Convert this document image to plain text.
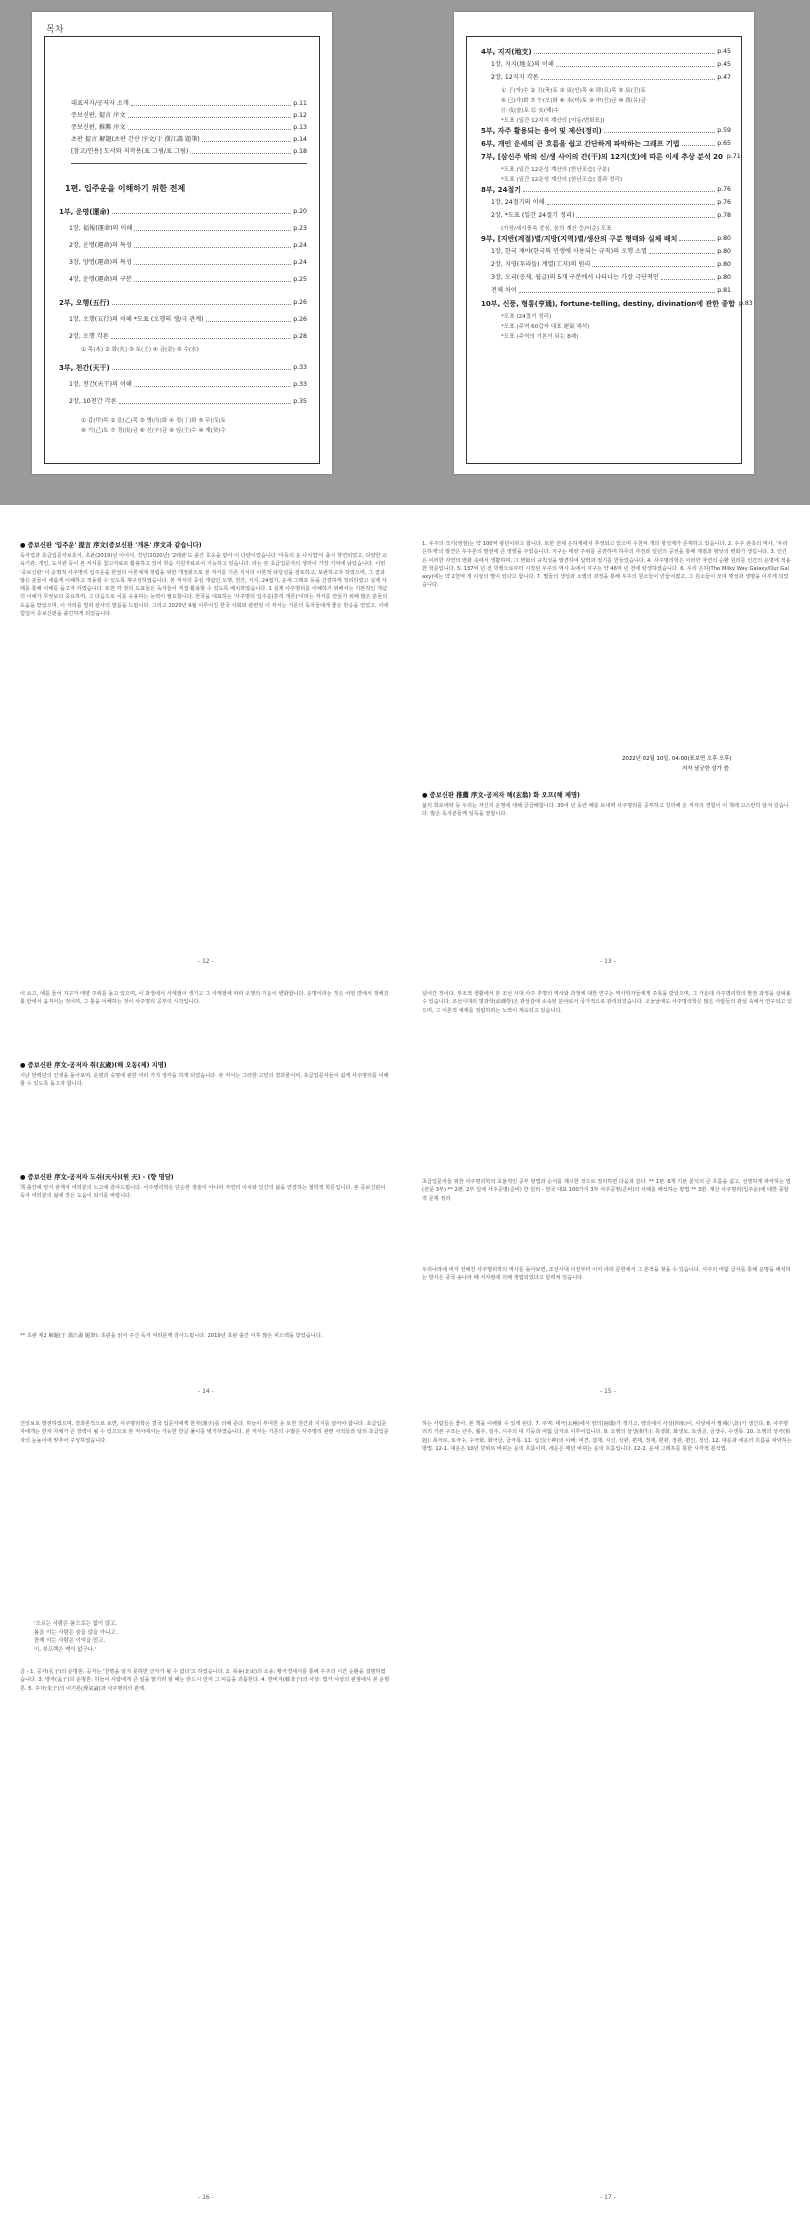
목차
대표저자/공저자 소개	p.11
증보신판, 提言 序文	p.12
증보신판, 推薦 序文	p.13
초판 提言 解題(초판 간산 序文/于 漢江畵 題筆)	p.14
[참고/인용] 도서와 저작용(표 그림/표 그림)	p.18
1편. 입주운을 이해하기 위한 전제
1부, 운명(運命)	p.20
1장, 福報(運命)의 이해	p.23
2장, 운명(運命)의 특성	p.24
3장, 양명(運命)의 특성	p.24
4장, 운명(運命)의 구분	p.25
2부, 오행(五行)	p.26
1장, 오행(五行)의 이해 *도표 (오행의 생/극 관계)	p.26
2장, 오행 각론	p.28
① 목(木) ② 화(火) ③ 토(土) ④ 금(金) ⑤ 수(水)
3부, 천간(天干)	p.33
1장, 천간(天干)의 이해	p.33
2장, 10천간 각론	p.35
① 갑(甲)목 ② 을(乙)목 ③ 병(丙)화 ④ 정(丁)화 ⑤ 무(戊)토
⑥ 기(己)토 ⑦ 경(庚)금 ⑧ 신(辛)금 ⑨ 임(壬)수 ⑩ 계(癸)수
4부, 지지(地支)	p.45
1장, 지지(地支)의 이해	p.45
2장, 12지지 각론	p.47
① 子(자)수 ② 丑(축)토 ③ 寅(인)목 ④ 卯(묘)목 ⑤ 辰(진)토
⑥ 巳(사)화 ⑦ 午(오)화 ⑧ 未(미)토 ⑨ 申(신)금 ⑩ 酉(유)금
⑪ 戌(술)토 ⑫ 亥(해)수
*도표 (일간 12지지 계산의 [이동/변화표])
5부, 자주 활용되는 용어 및 제산(정리)	p.59
6부, 개인 운세의 큰 흐름을 쉽고 간단하게 파악하는 그래프 기법	p.65
7부, [삼신주 밖의 신/생 사이의 간(干)의 12지(支)에 따른 이세 추상 분석 20 p.71
*도표 (일간 12운성 계산의 [한난조습] 구분)
*도표 (일간 12운성 계산의 [한난조습] 결과 정리)
8부, 24절기	p.76
1장, 24절기의 이해	p.76
2장, *도표 (일간 24절기 정리)	p.78
(가장/세시풍속 중심, 음의 계산 등/어순) 도표
9부, [지반(계절)별/지방(지역)별/생산의 구분 형태와 실체 배치	p.80
1장, 한국 재야(한국의 민생에 사용되는 규칙)의 오행 소멸	p.80
2장, 지영(우리들) 계열(工지)의 원리	p.80
3장, 오리(공제, 월급)의 5개 구분에서 나타나는 가장 극단적인	p.80
전체 차이	p.81
10부, 신풍, 형통(亨通), fortune-telling, destiny, divination에 관한 종합 p.83
*도표 (24절기 정리)
*도표 (주역 60갑자 대표 運氣 해석)
*도표 (주역의 기본이 되는 8괘)
● 증보신판 '입주운' 提言 序文(증보신판 '개론' 序文과 같습니다)
독자업과 초급입문자보호서, 초판(2019)년 이어서, 작년(2020년) '2레판'도 출간 호응을 받아 이 다량이었습니다 '아동의 운 나치법'이 출시 학연되었고, 다양한 교육기관, 개인, 도서관 등이 본 저서를 참고자료로 활용하고 있어 학습 지원자료로서 기능하고 있습니다. 라는 본 초급입문자의 생각이 가장 기억에 남았습니다. 이번 '증보신판' 이 운명적 사주명리 입주운을 한권의 이론체계 정립을 위한 개정판으로 본 저서를 기존 지식의 이론적 타당성을 검토하고, 보완하고자 하였으며, 그 결과 많은 분들이 새롭게 이해하고 적용할 수 있도록 재구성하였습니다. 본 저서의 중심 개념인 오행, 천간, 지지, 24절기, 운세 그래프 등을 간결하게 정리하였고 실제 사례를 통해 이해를 돕고자 하였습니다. 또한 각 장의 도표들은 독자들이 직접 활용할 수 있도록 배치하였습니다. 1 실제 사주명리를 이해하기 위해서는 기본적인 개념의 이해가 무엇보다 중요하며, 그 다음으로 이를 응용하는 능력이 필요합니다. 한국을 대표하는 '사주명리 입주운(흔히 개론)'이라는 저서를 만들기 위해 많은 분들의 도움을 받았으며, 이 자리를 빌려 감사의 말씀을 드립니다. 그리고 2020년 9월 이루어진 한국 사회와 관련된 이 저서는 기존의 독자들에게 좋은 반응을 얻었고, 이에 힘입어 증보신판을 출간하게 되었습니다.
- 12 -
1. 우주의 크기(영점)는 약 100억 광년이라고 합니다. 또한 전체 은하계에서 추정되고 있으며 수천억 개의 항성계가 존재하고 있습니다. 2. 우주 관측의 역사, '우리 은하계'의 발견은 우주론의 발전에 큰 영향을 주었습니다. 지구는 태양 주위를 공전하며 하루의 자전과 일년의 공전을 통해 계절과 밤낮의 변화가 생깁니다. 3. 인간은 이러한 자연의 변화 속에서 생활하며, 그 변화의 규칙성을 발견하여 달력과 절기를 만들었습니다. 4. 사주명리학은 이러한 자연의 순환 원리를 인간의 운명에 적용한 학문입니다. 5. 137억 년 전 빅뱅으로부터 시작된 우주의 역사 속에서 지구는 약 46억 년 전에 탄생하였습니다. 6. 우리 은하(The Milky Way Galaxy/Our Galaxy)에는 약 2천억 개 이상의 별이 있다고 합니다. 7. 별들의 생성과 소멸의 과정을 통해 우주의 원소들이 만들어졌고, 그 원소들이 모여 행성과 생명을 이루게 되었습니다.
2022년 02월 10일, 04:00(표보면 오후 오후)
저자 남궁한 삼가 씀.
● 증보신판 推薦 序文-공저자 해(玄翁) 화 오프(해 제명)
삶의 희로애락 등 우리는 자신의 운명에 대해 궁금해합니다. 30여 년 동안 해를 보내며 사주명리를 공부하고 강의해 온 저자의 경험이 이 책에 고스란히 담겨 있습니다. 많은 독자분들께 일독을 권합니다.
- 13 -
이 요고, 예를 들어 지구가 태양 주위를 돌고 있으며, 이 과정에서 사계절이 생기고 그 사계절에 따라 오행의 기운이 변화합니다. 운명이라는 것은 어떤 면에서 정해진 틀 안에서 움직이는 것이며, 그 틀을 이해하는 것이 사주명리 공부의 시작입니다.
● 증보신판 序文-공저자 취(玄歲)(해 오동(제) 지명)
지난 반백년의 인생을 돌아보며, 운명과 숙명에 관한 여러 가지 생각을 하게 되었습니다. 본 저서는 그러한 고민의 결과물이며, 초급입문자들이 쉽게 사주명리를 이해할 수 있도록 돕고자 합니다.
● 증보신판 序文-공저자 도쉬(天사)(원 天) - (향 명담)
책 출간에 앞서 관계자 여러분의 노고에 감사드립니다. 사주명리학은 단순한 점술이 아니라 자연의 이치와 인간의 삶을 연결하는 철학적 학문입니다. 본 증보신판이 독자 여러분의 삶에 작은 도움이 되기를 바랍니다.
** 초판 제2 解題(于 漢江畵 題筆): 초판을 읽어 주신 독자 여러분께 감사드립니다. 2019년 초판 출간 이후 많은 피드백을 받았습니다.
- 14 -
넘어간 것이다. 부조적 생활에서 본 조선 시대 사주 추명의 역사와 과정에 대한 연구는 역사학자들에게 주목을 받았으며, 그 가운데 사주명리학의 발전 과정을 살펴볼 수 있습니다. 조선시대의 명과학(命課學)은 관상감에 소속된 분야로서 국가적으로 관리되었습니다. 오늘날에도 사주명리학은 많은 사람들의 관심 속에서 연구되고 있으며, 그 이론적 체계를 정립하려는 노력이 계속되고 있습니다.
초급입문자들 위한 사주명리학의 효율적인 공부 방법과 순서를 제시한 것으로 정리하면 다음과 같다. ** 1편. 6개 기본 분석의 큰 흐름을 쉽고, 선명하게 파악하는 법(전문 3부) ** 2편. 2부 입체 사주공명(준비) 한 원리 - 한국 대표 100가지 3부 사주공명(준비)의 사례를 해석하는 방법 ** 3편. 계산 사주명리(입주운)에 대한 종합적 문제 정리
우리나라에 비자 전해진 사주명리학의 역사를 돌아보면, 조선시대 이전부터 이미 여러 문헌에서 그 흔적을 찾을 수 있습니다. 사주의 여덟 글자를 통해 운명을 해석하는 방식은 중국 송나라 때 서자평에 의해 정립되었다고 알려져 있습니다.
- 15 -
진일보로 발전하였으며, 결과론적으로 보면, 사주명리학은 결국 입문자에게 한자(漢字)를 더해 준다. 하늘이 부여한 운 또한 천간과 지지를 알아야 합니다. 초급입문자에게는 한자 자체가 큰 장벽이 될 수 있으므로 본 저서에서는 가능한 한글 풀이를 병기하였습니다. 본 저서는 기존의 수많은 사주명리 관련 서적들과 달리 초급입문자의 눈높이에 맞추어 구성하였습니다.
'오르는 사람은 봄으로는 없이 않고,
봄을 이는 사람은 숨을 않을 아니고.
찬제 이는 사람은 이익을 얻고,
이, 부프렉은 액이 없구나.'
금 - 1. 공자(孔子)의 운명론: 공자는 '천명을 알지 못하면 군자가 될 수 없다'고 하였습니다. 2. 북송(北宋)의 소옹: 황극경세서를 통해 우주의 시간 순환을 설명하였습니다. 3. 맹자(孟子)의 운명론: 하늘이 사람에게 큰 일을 맡기려 할 때는 반드시 먼저 그 마음을 괴롭힌다. 4. 한비자(韓非子)의 사상: 법가 사상의 관점에서 본 운명론. 5. 주자(朱子)의 이기론(理氣論)과 사주명리의 관계.
- 16 -
하는 사람들은 좋아, 본 책을 이해할 수 있게 된다. 7. 주역: 태극(太極)에서 양의(兩儀)가 생기고, 양의에서 사상(四象)이, 사상에서 팔괘(八卦)가 생긴다. 8. 사주명리의 기본 구조는 년주, 월주, 일주, 시주의 네 기둥과 여덟 글자로 이루어집니다. 9. 오행의 상생(相生): 목생화, 화생토, 토생금, 금생수, 수생목. 10. 오행의 상극(相剋): 목극토, 토극수, 수극화, 화극금, 금극목. 11. 십신(十神)의 이해: 비견, 겁재, 식신, 상관, 편재, 정재, 편관, 정관, 편인, 정인. 12. 대운과 세운의 흐름을 파악하는 방법. 12-1. 대운은 10년 단위로 바뀌는 운의 흐름이며, 세운은 매년 바뀌는 운의 흐름입니다. 12-2. 운세 그래프를 통한 시각적 분석법.
- 17 -
